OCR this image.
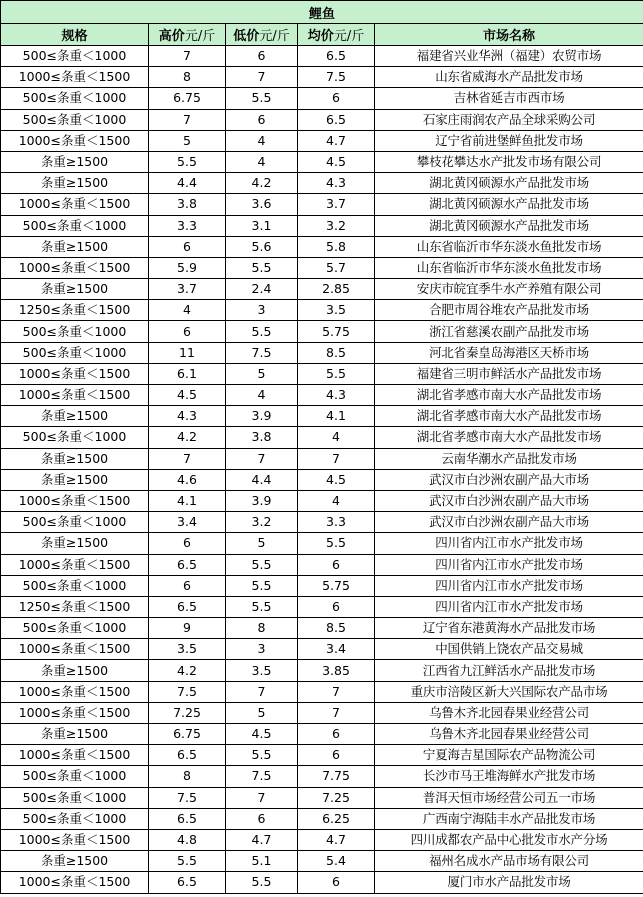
鲤鱼				
规格	高价元/斤	低价元/斤	均价元/斤	市场名称
500≤条重＜1000	7	6	6.5	福建省兴业华洲（福建）农贸市场
1000≤条重＜1500	8	7	7.5	山东省威海水产品批发市场
500≤条重＜1000	6.75	5.5	6	吉林省延吉市西市场
500≤条重＜1000	7	6	6.5	石家庄雨润农产品全球采购公司
1000≤条重＜1500	5	4	4.7	辽宁省前进堡鲜鱼批发市场
条重≥1500	5.5	4	4.5	攀枝花攀达水产批发市场有限公司
条重≥1500	4.4	4.2	4.3	湖北黄冈硕源水产品批发市场
1000≤条重＜1500	3.8	3.6	3.7	湖北黄冈硕源水产品批发市场
500≤条重＜1000	3.3	3.1	3.2	湖北黄冈硕源水产品批发市场
条重≥1500	6	5.6	5.8	山东省临沂市华东淡水鱼批发市场
1000≤条重＜1500	5.9	5.5	5.7	山东省临沂市华东淡水鱼批发市场
条重≥1500	3.7	2.4	2.85	安庆市皖宜季牛水产养殖有限公司
1250≤条重＜1500	4	3	3.5	合肥市周谷堆农产品批发市场
500≤条重＜1000	6	5.5	5.75	浙江省慈溪农副产品批发市场
500≤条重＜1000	11	7.5	8.5	河北省秦皇岛海港区天桥市场
1000≤条重＜1500	6.1	5	5.5	福建省三明市鲜活水产品批发市场
1000≤条重＜1500	4.5	4	4.3	湖北省孝感市南大水产品批发市场
条重≥1500	4.3	3.9	4.1	湖北省孝感市南大水产品批发市场
500≤条重＜1000	4.2	3.8	4	湖北省孝感市南大水产品批发市场
条重≥1500	7	7	7	云南华潮水产品批发市场
条重≥1500	4.6	4.4	4.5	武汉市白沙洲农副产品大市场
1000≤条重＜1500	4.1	3.9	4	武汉市白沙洲农副产品大市场
500≤条重＜1000	3.4	3.2	3.3	武汉市白沙洲农副产品大市场
条重≥1500	6	5	5.5	四川省内江市水产批发市场
1000≤条重＜1500	6.5	5.5	6	四川省内江市水产批发市场
500≤条重＜1000	6	5.5	5.75	四川省内江市水产批发市场
1250≤条重＜1500	6.5	5.5	6	四川省内江市水产批发市场
500≤条重＜1000	9	8	8.5	辽宁省东港黄海水产品批发市场
1000≤条重＜1500	3.5	3	3.4	中国供销上饶农产品交易城
条重≥1500	4.2	3.5	3.85	江西省九江鲜活水产品批发市场
1000≤条重＜1500	7.5	7	7	重庆市涪陵区新大兴国际农产品市场
1000≤条重＜1500	7.25	5	7	乌鲁木齐北园春果业经营公司
条重≥1500	6.75	4.5	6	乌鲁木齐北园春果业经营公司
1000≤条重＜1500	6.5	5.5	6	宁夏海吉星国际农产品物流公司
500≤条重＜1000	8	7.5	7.75	长沙市马王堆海鲜水产批发市场
500≤条重＜1000	7.5	7	7.25	普洱天恒市场经营公司五一市场
500≤条重＜1000	6.5	6	6.25	广西南宁海陆丰水产品批发市场
1000≤条重＜1500	4.8	4.7	4.7	四川成都农产品中心批发市水产分场
条重≥1500	5.5	5.1	5.4	福州名成水产品市场有限公司
1000≤条重＜1500	6.5	5.5	6	厦门市水产品批发市场
